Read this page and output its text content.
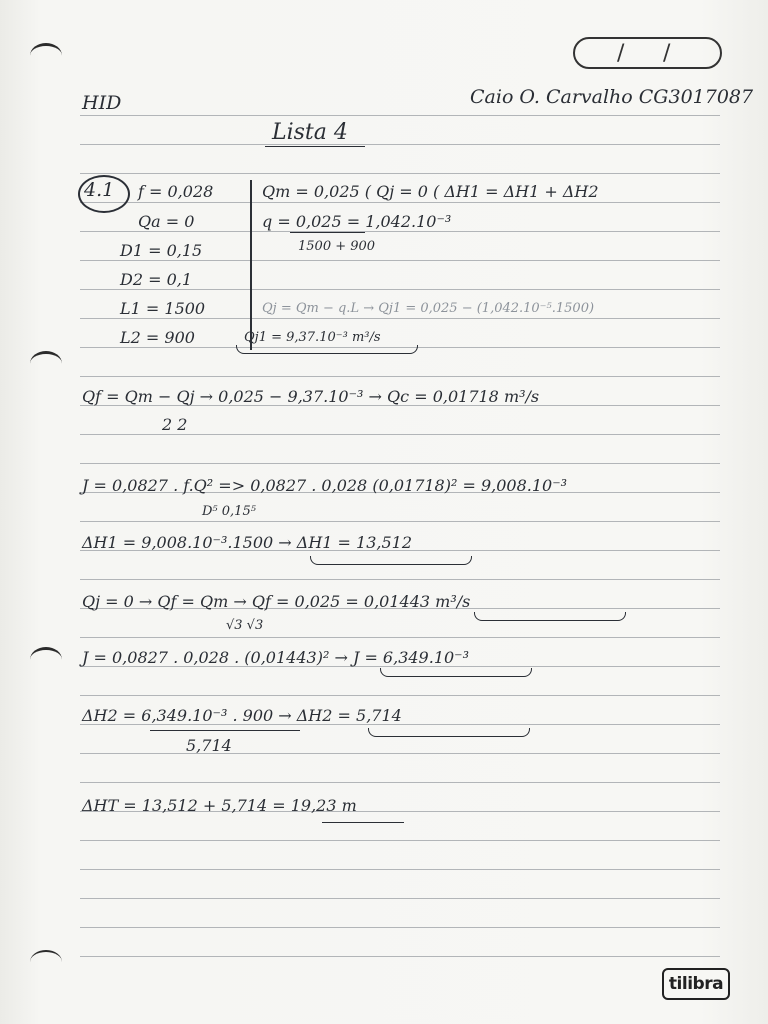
/ /
HID	Caio O. Carvalho CG3017087
Lista 4
4.1 f = 0,028
Qa = 0
D1 = 0,15
D2 = 0,1
L1 = 1500
L2 = 900
Qm = 0,025 ( Qj = 0 ( ΔH1 = ΔH1 + ΔH2
q = 0,025 = 1,042.10⁻³
1500 + 900
Qj = Qm − q.L → Qj1 = 0,025 − (1,042.10⁻⁵.1500)
Qj1 = 9,37.10⁻³ m³/s
Qf = Qm − Qj → 0,025 − 9,37.10⁻³ → Qc = 0,01718 m³/s
2 2
J = 0,0827 . f.Q² => 0,0827 . 0,028 (0,01718)² = 9,008.10⁻³
D⁵ 0,15⁵
ΔH1 = 9,008.10⁻³.1500 → ΔH1 = 13,512
Qj = 0 → Qf = Qm → Qf = 0,025 = 0,01443 m³/s
√3 √3
J = 0,0827 . 0,028 . (0,01443)² → J = 6,349.10⁻³
ΔH2 = 6,349.10⁻³ . 900 → ΔH2 = 5,714
5,714
ΔHT = 13,512 + 5,714 = 19,23 m
tilibra
